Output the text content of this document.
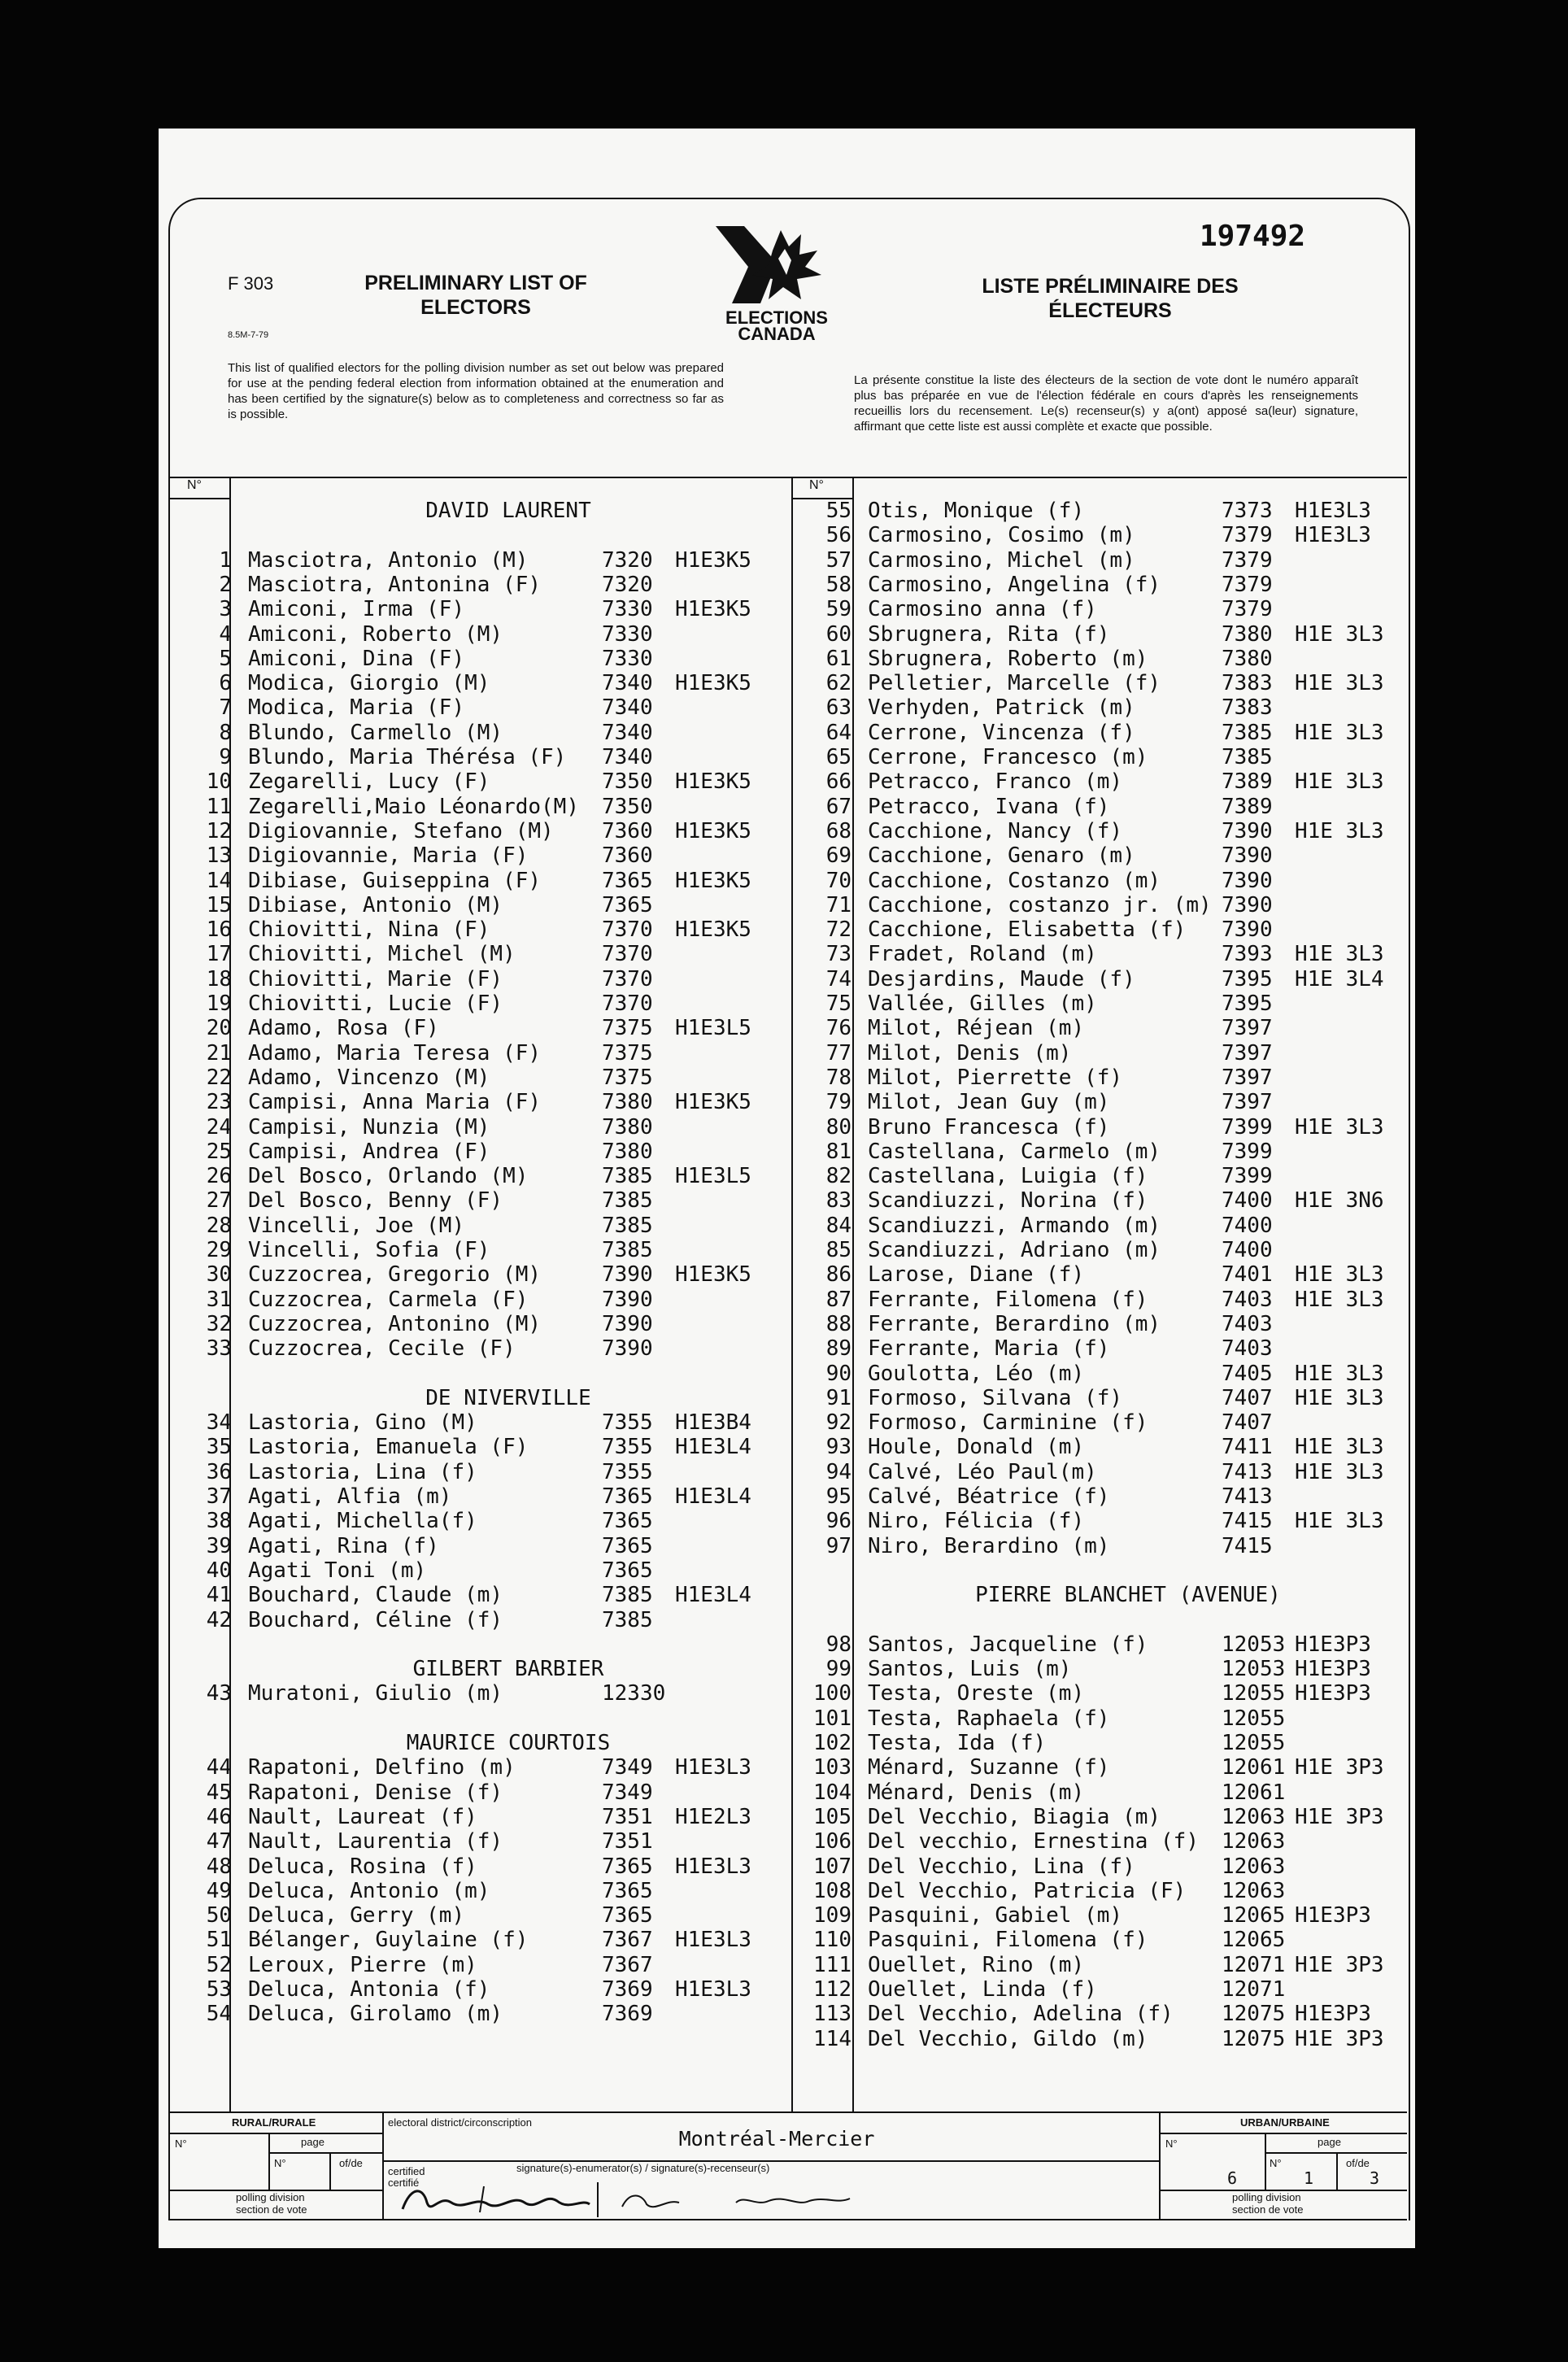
F 303
8.5M-7-79
197492
PRELIMINARY LIST OF
ELECTORS
LISTE PRÉLIMINAIRE DES
ÉLECTEURS
ELECTIONS
CANADA
This list of qualified electors for the polling division number as set out below was prepared for use at the pending federal election from information obtained at the enumeration and has been certified by the signature(s) below as to completeness and correctness so far as is possible.
La présente constitue la liste des électeurs de la section de vote dont le numéro apparaît plus bas préparée en vue de l'élection fédérale en cours d'après les renseignements recueillis lors du recensement. Le(s) recenseur(s) y a(ont) apposé sa(leur) signature, affirmant que cette liste est aussi complète et exacte que possible.
N°	N°
DAVID LAURENT
1 Masciotra, Antonio (M)	7320 H1E3K5
2 Masciotra, Antonina (F)	7320
3 Amiconi, Irma (F)	7330 H1E3K5
4 Amiconi, Roberto (M)	7330
5 Amiconi, Dina (F)	7330
6 Modica, Giorgio (M)	7340 H1E3K5
7 Modica, Maria (F)	7340
8 Blundo, Carmello (M)	7340
9 Blundo, Maria Thérésa (F) 7340
10 Zegarelli, Lucy (F)	7350 H1E3K5
11 Zegarelli,Maio Léonardo(M) 7350
12 Digiovannie, Stefano (M) 7360 H1E3K5
13 Digiovannie, Maria (F)	7360
14 Dibiase, Guiseppina (F)	7365 H1E3K5
15 Dibiase, Antonio (M)	7365
16 Chiovitti, Nina (F)	7370 H1E3K5
17 Chiovitti, Michel (M)	7370
18 Chiovitti, Marie (F)	7370
19 Chiovitti, Lucie (F)	7370
20 Adamo, Rosa (F)	7375 H1E3L5
21 Adamo, Maria Teresa (F)	7375
22 Adamo, Vincenzo (M)	7375
23 Campisi, Anna Maria (F)	7380 H1E3K5
24 Campisi, Nunzia (M)	7380
25 Campisi, Andrea (F)	7380
26 Del Bosco, Orlando (M)	7385 H1E3L5
27 Del Bosco, Benny (F)	7385
28 Vincelli, Joe (M)	7385
29 Vincelli, Sofia (F)	7385
30 Cuzzocrea, Gregorio (M)	7390 H1E3K5
31 Cuzzocrea, Carmela (F)	7390
32 Cuzzocrea, Antonino (M)	7390
33 Cuzzocrea, Cecile (F)	7390
DE NIVERVILLE
34 Lastoria, Gino (M)	7355 H1E3B4
35 Lastoria, Emanuela (F)	7355 H1E3L4
36 Lastoria, Lina (f)	7355
37 Agati, Alfia (m)	7365 H1E3L4
38 Agati, Michella(f)	7365
39 Agati, Rina (f)	7365
40 Agati Toni (m)	7365
41 Bouchard, Claude (m)	7385 H1E3L4
42 Bouchard, Céline (f)	7385
GILBERT BARBIER
43 Muratoni, Giulio (m)	12330
MAURICE COURTOIS
44 Rapatoni, Delfino (m)	7349 H1E3L3
45 Rapatoni, Denise (f)	7349
46 Nault, Laureat (f)	7351 H1E2L3
47 Nault, Laurentia (f)	7351
48 Deluca, Rosina (f)	7365 H1E3L3
49 Deluca, Antonio (m)	7365
50 Deluca, Gerry (m)	7365
51 Bélanger, Guylaine (f)	7367 H1E3L3
52 Leroux, Pierre (m)	7367
53 Deluca, Antonia (f)	7369 H1E3L3
54 Deluca, Girolamo (m)	7369
55 Otis, Monique (f)	7373 H1E3L3
56 Carmosino, Cosimo (m)	7379 H1E3L3
57 Carmosino, Michel (m)	7379
58 Carmosino, Angelina (f)	7379
59 Carmosino anna (f)	7379
60 Sbrugnera, Rita (f)	7380 H1E 3L3
61 Sbrugnera, Roberto (m)	7380
62 Pelletier, Marcelle (f)	7383 H1E 3L3
63 Verhyden, Patrick (m)	7383
64 Cerrone, Vincenza (f)	7385 H1E 3L3
65 Cerrone, Francesco (m)	7385
66 Petracco, Franco (m)	7389 H1E 3L3
67 Petracco, Ivana (f)	7389
68 Cacchione, Nancy (f)	7390 H1E 3L3
69 Cacchione, Genaro (m)	7390
70 Cacchione, Costanzo (m)	7390
71 Cacchione, costanzo jr. (m) 7390
72 Cacchione, Elisabetta (f) 7390
73 Fradet, Roland (m)	7393 H1E 3L3
74 Desjardins, Maude (f)	7395 H1E 3L4
75 Vallée, Gilles (m)	7395
76 Milot, Réjean (m)	7397
77 Milot, Denis (m)	7397
78 Milot, Pierrette (f)	7397
79 Milot, Jean Guy (m)	7397
80 Bruno Francesca (f)	7399 H1E 3L3
81 Castellana, Carmelo (m)	7399
82 Castellana, Luigia (f)	7399
83 Scandiuzzi, Norina (f)	7400 H1E 3N6
84 Scandiuzzi, Armando (m)	7400
85 Scandiuzzi, Adriano (m)	7400
86 Larose, Diane (f)	7401 H1E 3L3
87 Ferrante, Filomena (f)	7403 H1E 3L3
88 Ferrante, Berardino (m)	7403
89 Ferrante, Maria (f)	7403
90 Goulotta, Léo (m)	7405 H1E 3L3
91 Formoso, Silvana (f)	7407 H1E 3L3
92 Formoso, Carminine (f)	7407
93 Houle, Donald (m)	7411 H1E 3L3
94 Calvé, Léo Paul(m)	7413 H1E 3L3
95 Calvé, Béatrice (f)	7413
96 Niro, Félicia (f)	7415 H1E 3L3
97 Niro, Berardino (m)	7415
PIERRE BLANCHET (AVENUE)
98 Santos, Jacqueline (f)	12053 H1E3P3
99 Santos, Luis (m)	12053 H1E3P3
100 Testa, Oreste (m)	12055 H1E3P3
101 Testa, Raphaela (f)	12055
102 Testa, Ida (f)	12055
103 Ménard, Suzanne (f)	12061 H1E 3P3
104 Ménard, Denis (m)	12061
105 Del Vecchio, Biagia (m)	12063 H1E 3P3
106 Del vecchio, Ernestina (f) 12063
107 Del Vecchio, Lina (f)	12063
108 Del Vecchio, Patricia (F) 12063
109 Pasquini, Gabiel (m)	12065 H1E3P3
110 Pasquini, Filomena (f)	12065
111 Ouellet, Rino (m)	12071 H1E 3P3
112 Ouellet, Linda (f)	12071
113 Del Vecchio, Adelina (f) 12075 H1E3P3
114 Del Vecchio, Gildo (m)	12075 H1E 3P3
RURAL/RURALE
N°	page
N°	of/de
polling division
section de vote
electoral district/circonscription
Montréal-Mercier
signature(s)-enumerator(s) / signature(s)-recenseur(s)
certified
certifié
URBAN/URBAINE
N°	page
N°	of/de
6	1	3
polling division
section de vote
